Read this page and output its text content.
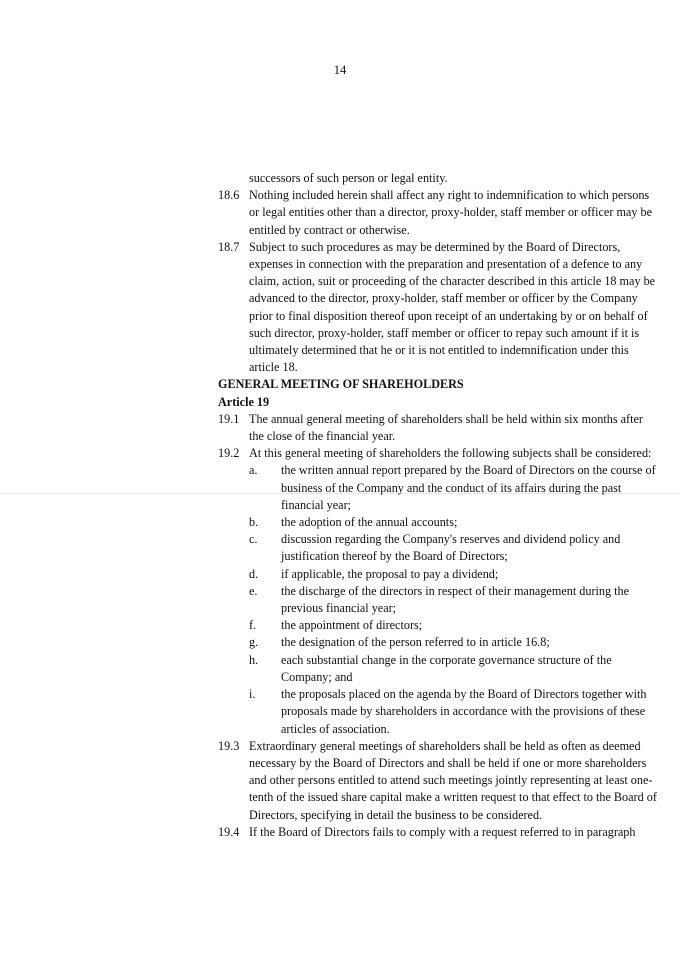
14

successors of such person or legal entity.

18.6 Nothing included herein shall affect any right to indemnification to which persons or legal entities other than a director, proxy-holder, staff member or officer may be entitled by contract or otherwise.
18.7 Subject to such procedures as may be determined by the Board of Directors, expenses in connection with the preparation and presentation of a defence to any claim, action, suit or proceeding of the character described in this article 18 may be advanced to the director, proxy-holder, staff member or officer by the Company prior to final disposition thereof upon receipt of an undertaking by or on behalf of such director, proxy-holder, staff member or officer to repay such amount if it is ultimately determined that he or it is not entitled to indemnification under this article 18.

GENERAL MEETING OF SHAREHOLDERS

Article 19

19.1 The annual general meeting of shareholders shall be held within six months after the close of the financial year.
19.2 At this general meeting of shareholders the following subjects shall be considered:
a. the written annual report prepared by the Board of Directors on the course of business of the Company and the conduct of its affairs during the past financial year;
b. the adoption of the annual accounts;
c. discussion regarding the Company's reserves and dividend policy and justification thereof by the Board of Directors;
d. if applicable, the proposal to pay a dividend;
e. the discharge of the directors in respect of their management during the previous financial year;
f. the appointment of directors;
g. the designation of the person referred to in article 16.8;
h. each substantial change in the corporate governance structure of the Company; and
i. the proposals placed on the agenda by the Board of Directors together with proposals made by shareholders in accordance with the provisions of these articles of association.
19.3 Extraordinary general meetings of shareholders shall be held as often as deemed necessary by the Board of Directors and shall be held if one or more shareholders and other persons entitled to attend such meetings jointly representing at least one-tenth of the issued share capital make a written request to that effect to the Board of Directors, specifying in detail the business to be considered.
19.4 If the Board of Directors fails to comply with a request referred to in paragraph
